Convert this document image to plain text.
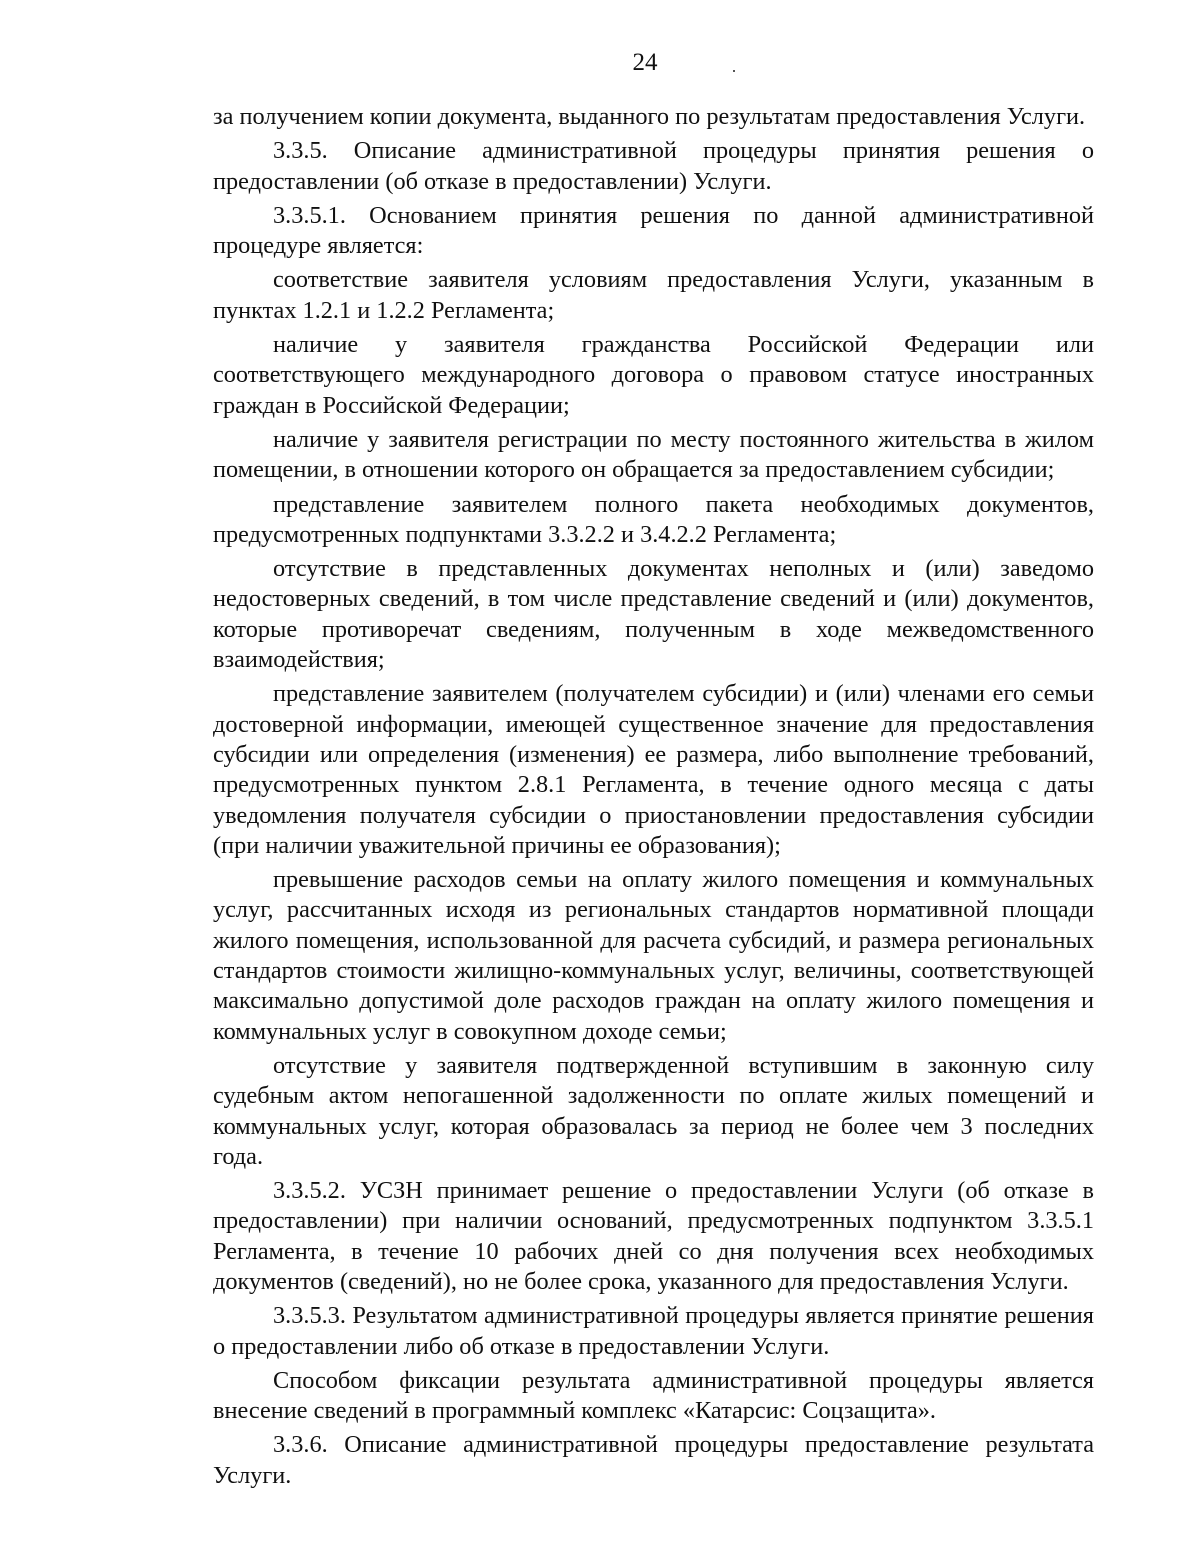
24

за получением копии документа, выданного по результатам предоставления Услуги.

3.3.5. Описание административной процедуры принятия решения о предоставлении (об отказе в предоставлении) Услуги.

3.3.5.1. Основанием принятия решения по данной административной процедуре является:

соответствие заявителя условиям предоставления Услуги, указанным в пунктах 1.2.1 и 1.2.2 Регламента;

наличие у заявителя гражданства Российской Федерации или соответствующего международного договора о правовом статусе иностранных граждан в Российской Федерации;

наличие у заявителя регистрации по месту постоянного жительства в жилом помещении, в отношении которого он обращается за предоставлением субсидии;

представление заявителем полного пакета необходимых документов, предусмотренных подпунктами 3.3.2.2 и 3.4.2.2 Регламента;

отсутствие в представленных документах неполных и (или) заведомо недостоверных сведений, в том числе представление сведений и (или) документов, которые противоречат сведениям, полученным в ходе межведомственного взаимодействия;

представление заявителем (получателем субсидии) и (или) членами его семьи достоверной информации, имеющей существенное значение для предоставления субсидии или определения (изменения) ее размера, либо выполнение требований, предусмотренных пунктом 2.8.1 Регламента, в течение одного месяца с даты уведомления получателя субсидии о приостановлении предоставления субсидии (при наличии уважительной причины ее образования);

превышение расходов семьи на оплату жилого помещения и коммунальных услуг, рассчитанных исходя из региональных стандартов нормативной площади жилого помещения, использованной для расчета субсидий, и размера региональных стандартов стоимости жилищно-коммунальных услуг, величины, соответствующей максимально допустимой доле расходов граждан на оплату жилого помещения и коммунальных услуг в совокупном доходе семьи;

отсутствие у заявителя подтвержденной вступившим в законную силу судебным актом непогашенной задолженности по оплате жилых помещений и коммунальных услуг, которая образовалась за период не более чем 3 последних года.

3.3.5.2. УСЗН принимает решение о предоставлении Услуги (об отказе в предоставлении) при наличии оснований, предусмотренных подпунктом 3.3.5.1 Регламента, в течение 10 рабочих дней со дня получения всех необходимых документов (сведений), но не более срока, указанного для предоставления Услуги.

3.3.5.3. Результатом административной процедуры является принятие решения о предоставлении либо об отказе в предоставлении Услуги.

Способом фиксации результата административной процедуры является внесение сведений в программный комплекс «Катарсис: Соцзащита».

3.3.6. Описание административной процедуры предоставление результата Услуги.
